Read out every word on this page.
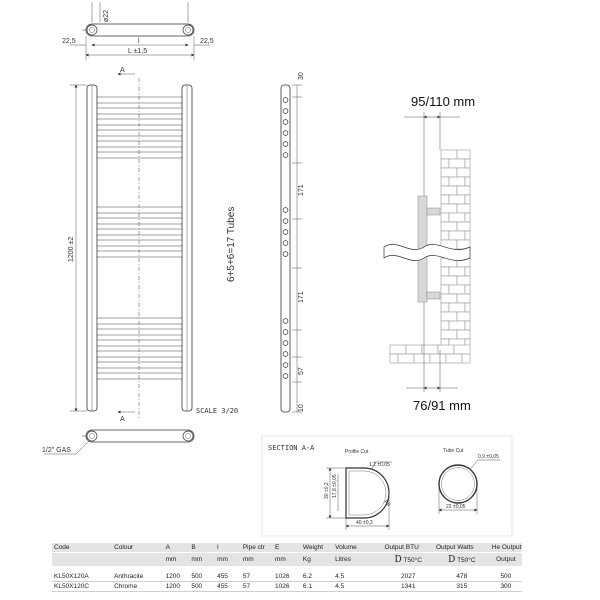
ø22
22,5	22,5
l
L ±1,5
A
A
1200 ±2	6+5+6=17 Tubes
SCALE 3/20
30
171
171
57
10
95/110 mm
76/91 mm
1/2" GAS	SECTION A-A	Profile Cut
30 ±0,2 17,8 ±0,05
1,2 ±0,05
R8
40 ±0,3
Tube Cut
0,9 ±0,05
22 ±0,05
Code	Colour	A	B	l	Pipe ctr	E	Weight	Volume	Output BTU	Output Watts	He Output
		mm	mm	mm	mm	mm	Kg	Litres	D T50°C	D T50°C	Output

KL50X120A	Anthracite	1200	500	455	57	1026	6.2	4.5	2027	478	500
KL50X120C	Chrome	1200	500	455	57	1026	6.1	4.5	1341	315	300
